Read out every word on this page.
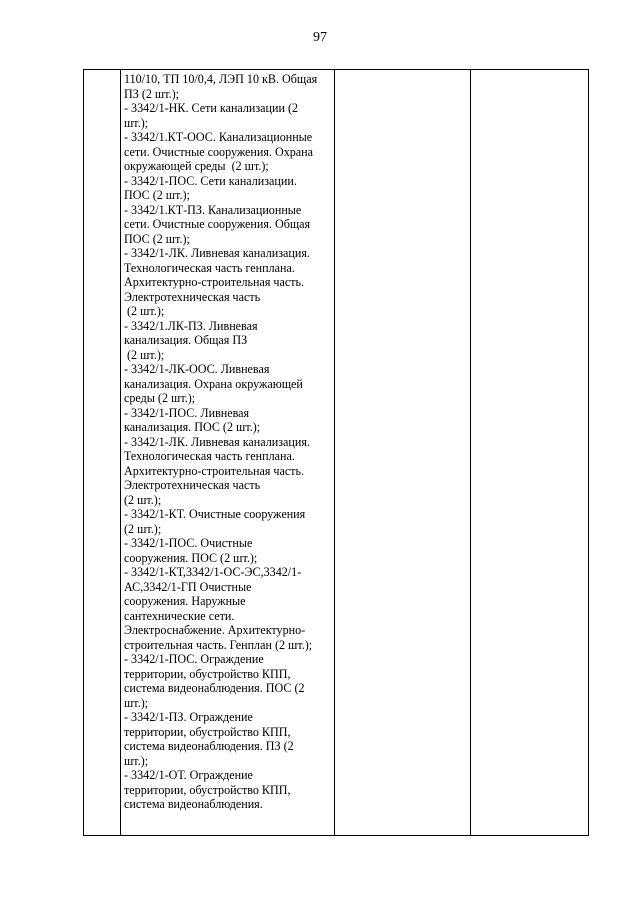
97

110/10, ТП 10/0,4, ЛЭП 10 кВ. Общая
ПЗ (2 шт.);
- 3342/1-НК. Сети канализации (2
шт.);
- 3342/1.КТ-ООС. Канализационные
сети. Очистные сооружения. Охрана
окружающей среды  (2 шт.);
- 3342/1-ПОС. Сети канализации.
ПОС (2 шт.);
- 3342/1.КТ-ПЗ. Канализационные
сети. Очистные сооружения. Общая
ПОС (2 шт.);
- 3342/1-ЛК. Ливневая канализация.
Технологическая часть генплана.
Архитектурно-строительная часть.
Электротехническая часть
(2 шт.);
- 3342/1.ЛК-ПЗ. Ливневая
канализация. Общая ПЗ
(2 шт.);
- 3342/1-ЛК-ООС. Ливневая
канализация. Охрана окружающей
среды (2 шт.);
- 3342/1-ПОС. Ливневая
канализация. ПОС (2 шт.);
- 3342/1-ЛК. Ливневая канализация.
Технологическая часть генплана.
Архитектурно-строительная часть.
Электротехническая часть
(2 шт.);
- 3342/1-КТ. Очистные сооружения
(2 шт.);
- 3342/1-ПОС. Очистные
сооружения. ПОС (2 шт.);
- 3342/1-КТ,3342/1-ОС-ЭС,3342/1-
АС,3342/1-ГП Очистные
сооружения. Наружные
сантехнические сети.
Электроснабжение. Архитектурно-
строительная часть. Генплан (2 шт.);
- 3342/1-ПОС. Ограждение
территории, обустройство КПП,
система видеонаблюдения. ПОС (2
шт.);
- 3342/1-ПЗ. Ограждение
территории, обустройство КПП,
система видеонаблюдения. ПЗ (2
шт.);
- 3342/1-ОТ. Ограждение
территории, обустройство КПП,
система видеонаблюдения.
